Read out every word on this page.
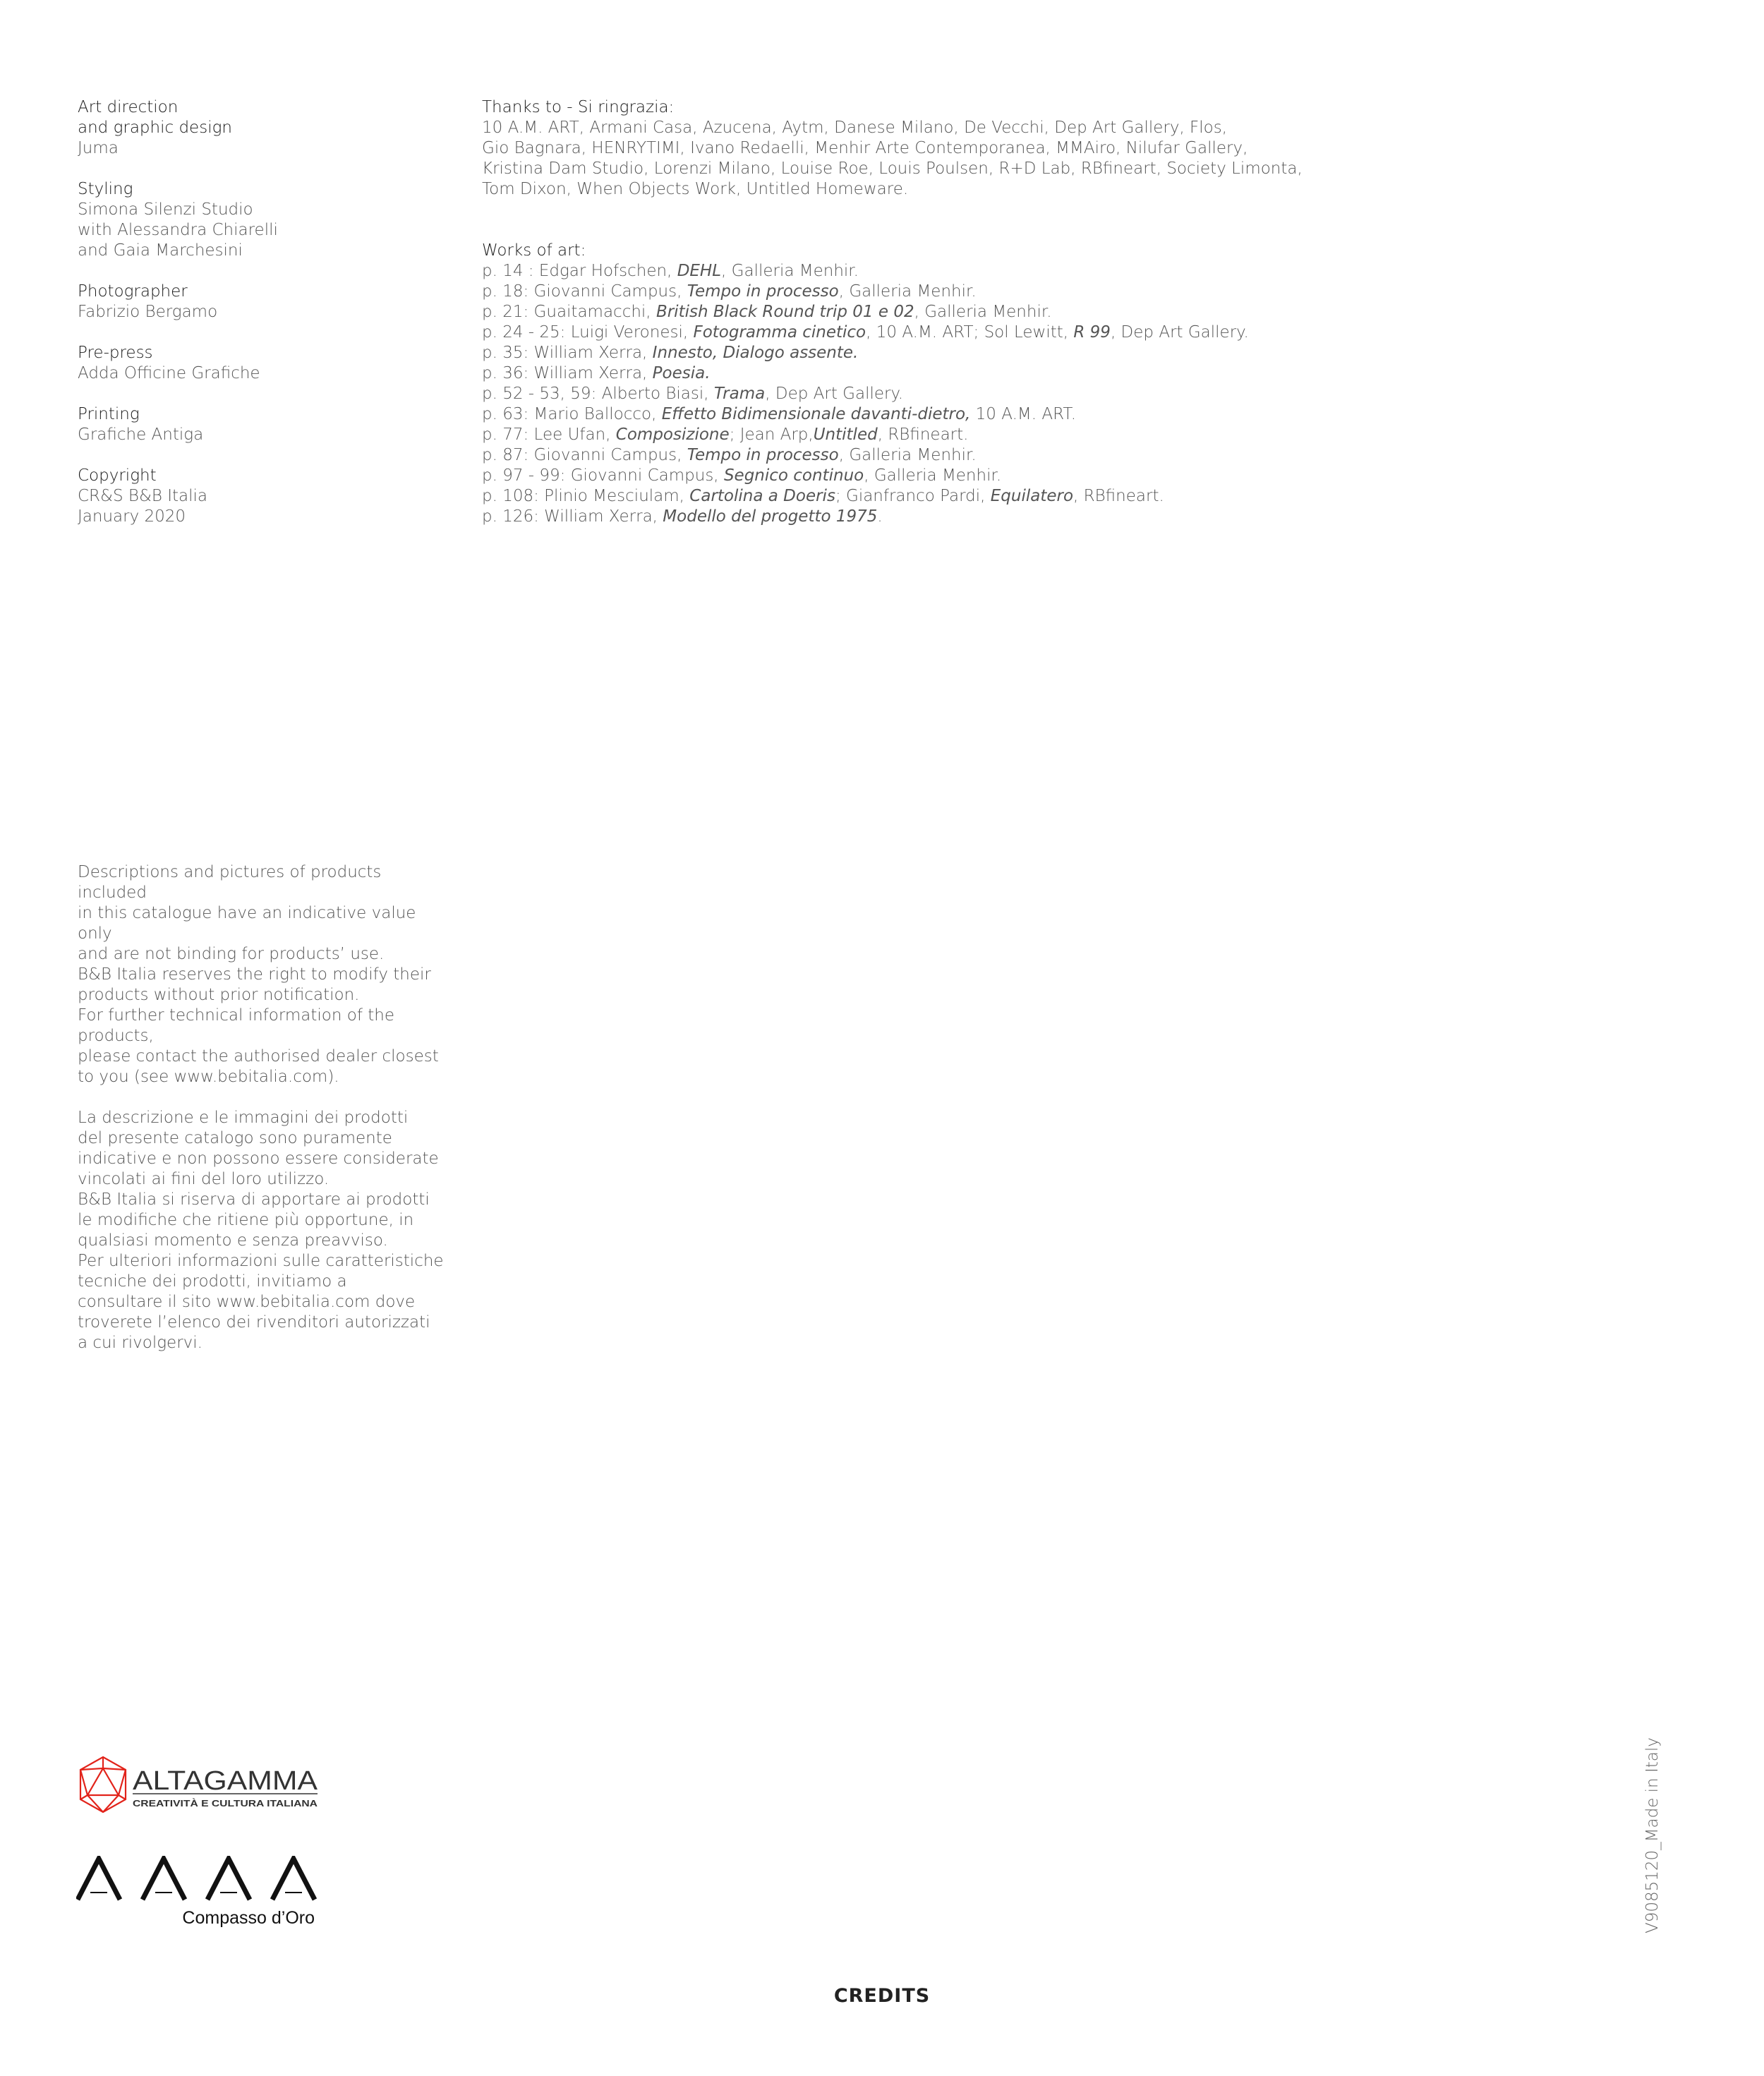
Art direction
and graphic design
Juma
Styling
Simona Silenzi Studio
with Alessandra Chiarelli
and Gaia Marchesini
Photographer
Fabrizio Bergamo
Pre-press
Adda Officine Grafiche
Printing
Grafiche Antiga
Copyright
CR&S B&B Italia
January 2020
Thanks to - Si ringrazia:
10 A.M. ART, Armani Casa, Azucena, Aytm, Danese Milano, De Vecchi, Dep Art Gallery, Flos,
Gio Bagnara, HENRYTIMI, Ivano Redaelli, Menhir Arte Contemporanea, MMAiro, Nilufar Gallery,
Kristina Dam Studio, Lorenzi Milano, Louise Roe, Louis Poulsen, R+D Lab, RBfineart, Society Limonta,
Tom Dixon, When Objects Work, Untitled Homeware.
Works of art:
p. 14 : Edgar Hofschen, DEHL, Galleria Menhir.
p. 18: Giovanni Campus, Tempo in processo, Galleria Menhir.
p. 21: Guaitamacchi, British Black Round trip 01 e 02, Galleria Menhir.
p. 24 - 25: Luigi Veronesi, Fotogramma cinetico, 10 A.M. ART; Sol Lewitt, R 99, Dep Art Gallery.
p. 35: William Xerra, Innesto, Dialogo assente.
p. 36: William Xerra, Poesia.
p. 52 - 53, 59: Alberto Biasi, Trama, Dep Art Gallery.
p. 63: Mario Ballocco, Effetto Bidimensionale davanti-dietro, 10 A.M. ART.
p. 77: Lee Ufan, Composizione; Jean Arp,Untitled, RBfineart.
p. 87: Giovanni Campus, Tempo in processo, Galleria Menhir.
p. 97 - 99: Giovanni Campus, Segnico continuo, Galleria Menhir.
p. 108: Plinio Mesciulam, Cartolina a Doeris; Gianfranco Pardi, Equilatero, RBfineart.
p. 126: William Xerra, Modello del progetto 1975.

Descriptions and pictures of products included
in this catalogue have an indicative value only
and are not binding for products’ use.
B&B Italia reserves the right to modify their
products without prior notification.
For further technical information of the products,
please contact the authorised dealer closest
to you (see www.bebitalia.com).

La descrizione e le immagini dei prodotti
del presente catalogo sono puramente
indicative e non possono essere considerate
vincolati ai fini del loro utilizzo.
B&B Italia si riserva di apportare ai prodotti
le modifiche che ritiene più opportune, in
qualsiasi momento e senza preavviso.
Per ulteriori informazioni sulle caratteristiche
tecniche dei prodotti, invitiamo a
consultare il sito www.bebitalia.com dove
troverete l’elenco dei rivenditori autorizzati
a cui rivolgervi.

ALTAGAMMA
CREATIVITÀ E CULTURA ITALIANA
Compasso d’Oro	V9085120_Made in Italy
CREDITS
